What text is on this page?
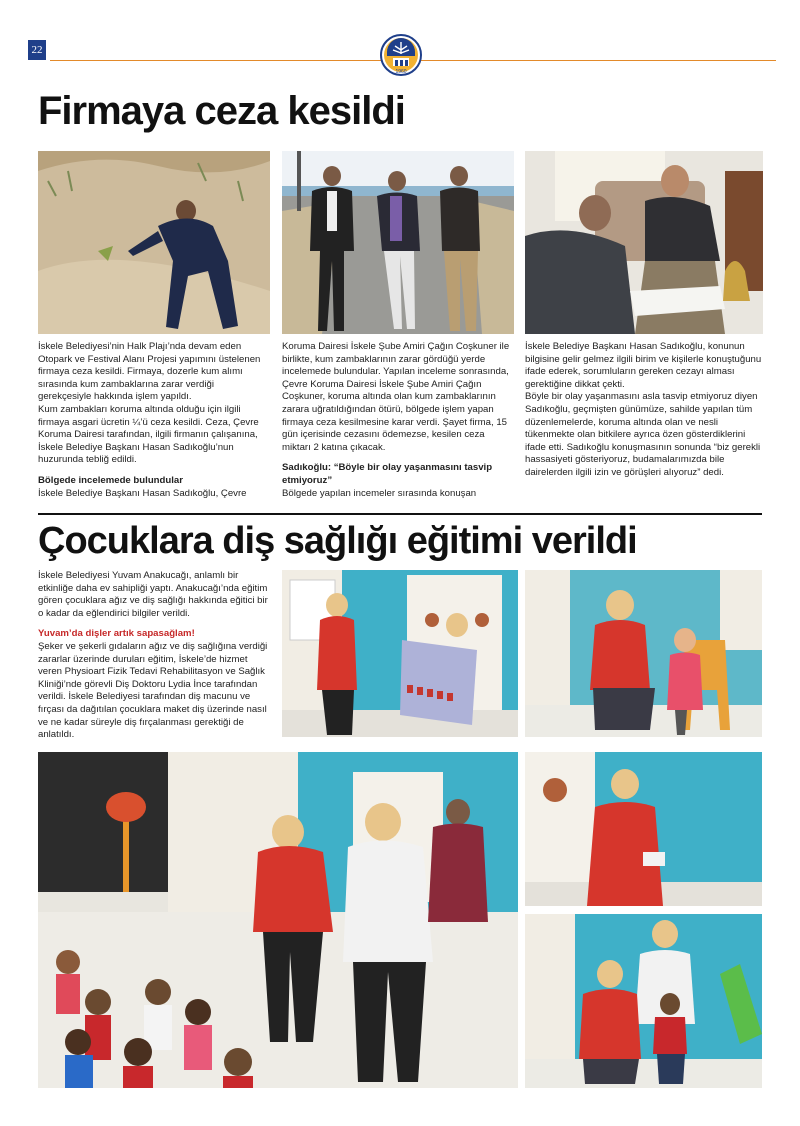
22
1960
Firmaya ceza kesildi

İskele Belediyesi’nin Halk Plajı’nda devam eden Otopark ve Festival Alanı Projesi yapımını üstelenen firmaya ceza kesildi. Firmaya, dozerle kum alımı sırasında kum zambaklarına zarar verdiği gerekçesiyle hakkında işlem yapıldı.

Kum zambakları koruma altında olduğu için ilgili firmaya asgari ücretin ¼’ü ceza kesildi. Ceza, Çevre Koruma Dairesi tarafından, ilgili firmanın çalışanına, İskele Belediye Başkanı Hasan Sadıkoğlu’nun huzurunda tebliğ edildi.

Bölgede incelemede bulundular

İskele Belediye Başkanı Hasan Sadıkoğlu, Çevre

Koruma Dairesi İskele Şube Amiri Çağın Coşkuner ile birlikte, kum zambaklarının zarar gördüğü yerde incelemede bulundular. Yapılan inceleme sonrasında, Çevre Koruma Dairesi İskele Şube Amiri Çağın Coşkuner, koruma altında olan kum zambaklarının zarara uğratıldığından ötürü, bölgede işlem yapan firmaya ceza kesilmesine karar verdi. Şayet firma, 15 gün içerisinde cezasını ödemezse, kesilen ceza miktarı 2 katına çıkacak.

Sadıkoğlu: “Böyle bir olay yaşanmasını tasvip etmiyoruz”

Bölgede yapılan incemeler sırasında konuşan

İskele Belediye Başkanı Hasan Sadıkoğlu, konunun bilgisine gelir gelmez ilgili birim ve kişilerle konuştuğunu ifade ederek, sorumluların gereken cezayı alması gerektiğine dikkat çekti.

Böyle bir olay yaşanmasını asla tasvip etmiyoruz diyen Sadıkoğlu, geçmişten günümüze, sahilde yapılan tüm düzenlemelerde, koruma altında olan ve nesli tükenmekte olan bitkilere ayrıca özen gösterdiklerini ifade etti. Sadıkoğlu konuşmasının sonunda “biz gerekli hassasiyeti gösteriyoruz, budamalarımızda bile dairelerden ilgili izin ve görüşleri alıyoruz” dedi.

Çocuklara diş sağlığı eğitimi verildi

İskele Belediyesi Yuvam Anakucağı, anlamlı bir etkinliğe daha ev sahipliği yaptı. Anakucağı’nda eğitim gören çocuklara ağız ve diş sağlığı hakkında eğitici bir o kadar da eğlendirici bilgiler verildi.

Yuvam’da dişler artık sapasağlam!

Şeker ve şekerli gıdaların ağız ve diş sağlığına verdiği zararlar üzerinde duruları eğitim, İskele’de hizmet veren Physioart Fizik Tedavi Rehabilitasyon ve Sağlık Kliniği’nde görevli Diş Doktoru Lydia İnce tarafından verildi. İskele Belediyesi tarafından diş macunu ve fırçası da dağıtılan çocuklara maket diş üzerinde nasıl ve ne kadar süreyle diş fırçalanması gerektiği de anlatıldı.
